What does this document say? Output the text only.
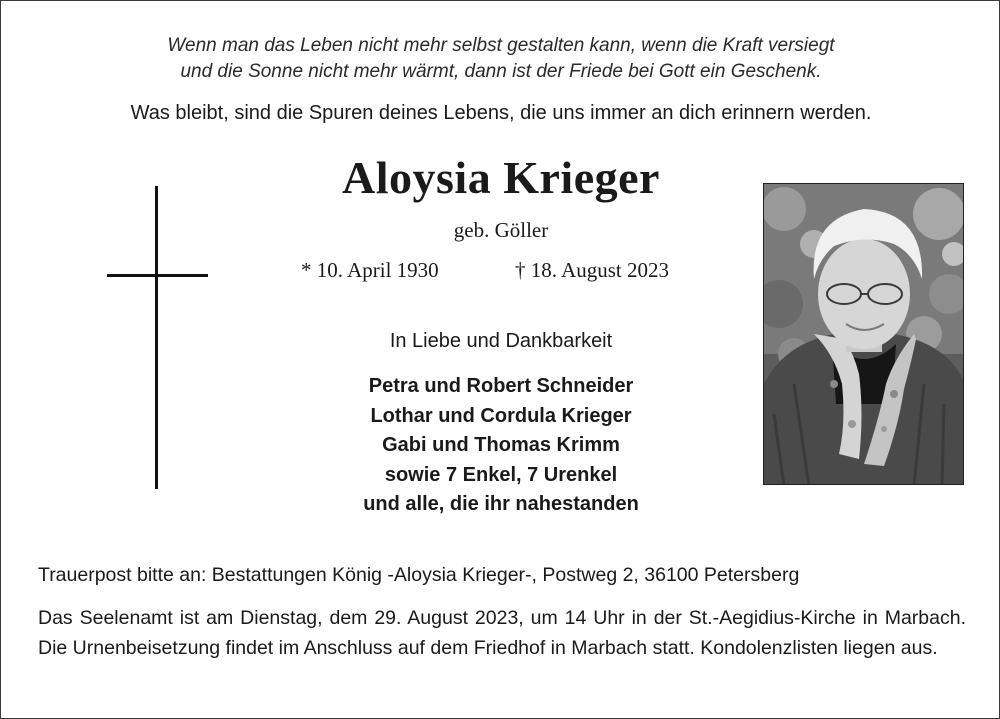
Wenn man das Leben nicht mehr selbst gestalten kann, wenn die Kraft versiegt
und die Sonne nicht mehr wärmt, dann ist der Friede bei Gott ein Geschenk.
Was bleibt, sind die Spuren deines Lebens, die uns immer an dich erinnern werden.
Aloysia Krieger
geb. Göller
* 10. April 1930	† 18. August 2023
In Liebe und Dankbarkeit
Petra und Robert Schneider
Lothar und Cordula Krieger
Gabi und Thomas Krimm
sowie 7 Enkel, 7 Urenkel
und alle, die ihr nahestanden
Trauerpost bitte an: Bestattungen König -Aloysia Krieger-, Postweg 2, 36100 Petersberg
Das Seelenamt ist am Dienstag, dem 29. August 2023, um 14 Uhr in der St.-Aegidius-Kirche in Marbach. Die Urnenbeisetzung findet im Anschluss auf dem Friedhof in Marbach statt. Kondolenzlisten liegen aus.
